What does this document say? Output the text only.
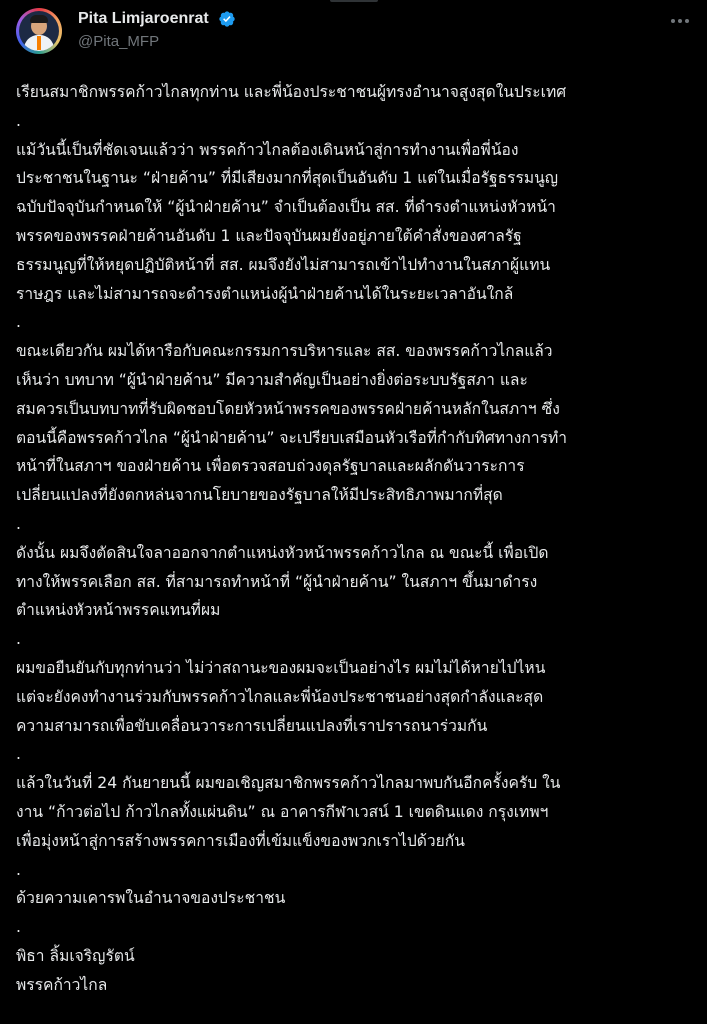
Pita Limjaroenrat
@Pita_MFP
เรียนสมาชิกพรรคก้าวไกลทุกท่าน และพี่น้องประชาชนผู้ทรงอำนาจสูงสุดในประเทศ
.
แม้วันนี้เป็นที่ชัดเจนแล้วว่า พรรคก้าวไกลต้องเดินหน้าสู่การทำงานเพื่อพี่น้อง
ประชาชนในฐานะ “ฝ่ายค้าน” ที่มีเสียงมากที่สุดเป็นอันดับ 1 แต่ในเมื่อรัฐธรรมนูญ
ฉบับปัจจุบันกำหนดให้ “ผู้นำฝ่ายค้าน” จำเป็นต้องเป็น สส. ที่ดำรงตำแหน่งหัวหน้า
พรรคของพรรคฝ่ายค้านอันดับ 1 และปัจจุบันผมยังอยู่ภายใต้คำสั่งของศาลรัฐ
ธรรมนูญที่ให้หยุดปฏิบัติหน้าที่ สส. ผมจึงยังไม่สามารถเข้าไปทำงานในสภาผู้แทน
ราษฎร และไม่สามารถจะดำรงตำแหน่งผู้นำฝ่ายค้านได้ในระยะเวลาอันใกล้
.
ขณะเดียวกัน ผมได้หารือกับคณะกรรมการบริหารและ สส. ของพรรคก้าวไกลแล้ว
เห็นว่า บทบาท “ผู้นำฝ่ายค้าน” มีความสำคัญเป็นอย่างยิ่งต่อระบบรัฐสภา และ
สมควรเป็นบทบาทที่รับผิดชอบโดยหัวหน้าพรรคของพรรคฝ่ายค้านหลักในสภาฯ ซึ่ง
ตอนนี้คือพรรคก้าวไกล “ผู้นำฝ่ายค้าน” จะเปรียบเสมือนหัวเรือที่กำกับทิศทางการทำ
หน้าที่ในสภาฯ ของฝ่ายค้าน เพื่อตรวจสอบถ่วงดุลรัฐบาลและผลักดันวาระการ
เปลี่ยนแปลงที่ยังตกหล่นจากนโยบายของรัฐบาลให้มีประสิทธิภาพมากที่สุด
.
ดังนั้น ผมจึงตัดสินใจลาออกจากตำแหน่งหัวหน้าพรรคก้าวไกล ณ ขณะนี้ เพื่อเปิด
ทางให้พรรคเลือก สส. ที่สามารถทำหน้าที่ “ผู้นำฝ่ายค้าน” ในสภาฯ ขึ้นมาดำรง
ตำแหน่งหัวหน้าพรรคแทนที่ผม
.
ผมขอยืนยันกับทุกท่านว่า ไม่ว่าสถานะของผมจะเป็นอย่างไร ผมไม่ได้หายไปไหน
แต่จะยังคงทำงานร่วมกับพรรคก้าวไกลและพี่น้องประชาชนอย่างสุดกำลังและสุด
ความสามารถเพื่อขับเคลื่อนวาระการเปลี่ยนแปลงที่เราปรารถนาร่วมกัน
.
แล้วในวันที่ 24 กันยายนนี้ ผมขอเชิญสมาชิกพรรคก้าวไกลมาพบกันอีกครั้งครับ ใน
งาน “ก้าวต่อไป ก้าวไกลทั้งแผ่นดิน” ณ อาคารกีฬาเวสน์ 1 เขตดินแดง กรุงเทพฯ
เพื่อมุ่งหน้าสู่การสร้างพรรคการเมืองที่เข้มแข็งของพวกเราไปด้วยกัน
.
ด้วยความเคารพในอำนาจของประชาชน
.
พิธา ลิ้มเจริญรัตน์
พรรคก้าวไกล
